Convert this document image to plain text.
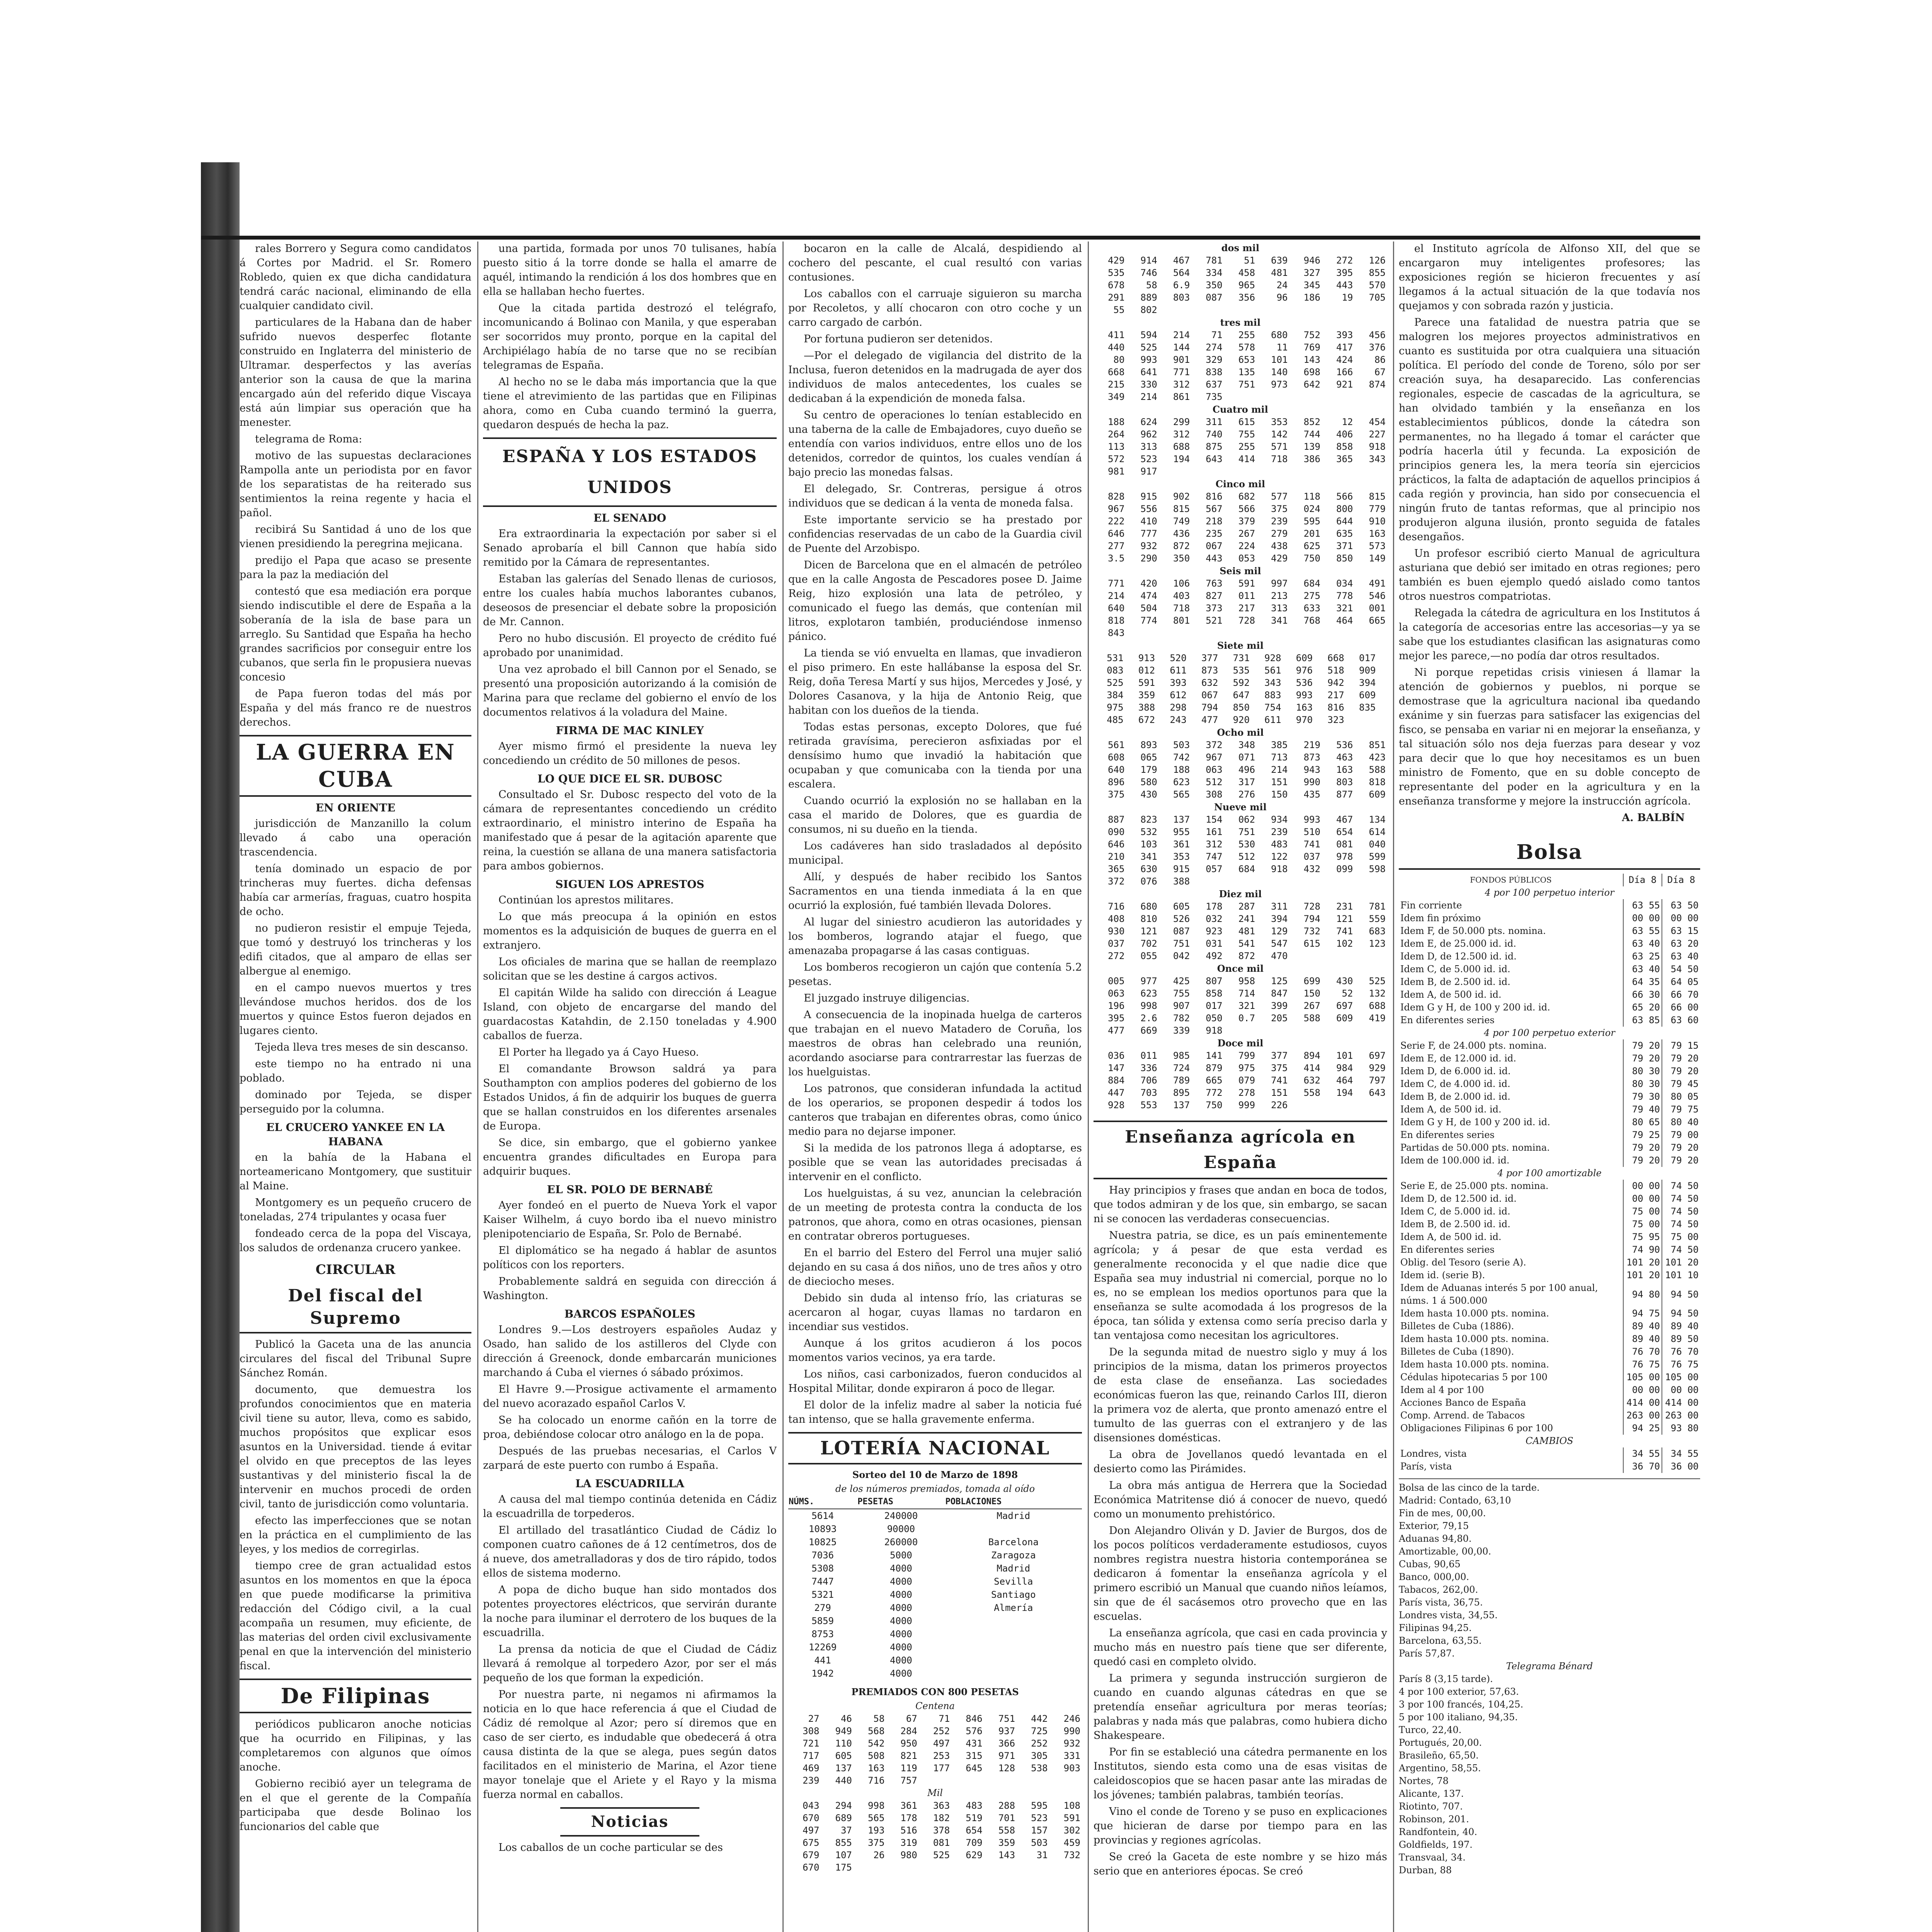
rales Borrero y Segura como candidatos á Cortes por Madrid. el Sr. Romero Robledo, quien ex que dicha candidatura tendrá carác nacional, eliminando de ella cualquier candidato civil.

particulares de la Habana dan de haber sufrido nuevos desperfec flotante construido en Inglaterra del ministerio de Ultramar. desperfectos y las averías anterior son la causa de que la marina encargado aún del referido dique Viscaya está aún limpiar sus operación que ha menester.

telegrama de Roma:

motivo de las supuestas declaraciones Rampolla ante un periodista por en favor de los separatistas de ha reiterado sus sentimientos la reina regente y hacia el pañol.

recibirá Su Santidad á uno de los que vienen presidiendo la peregrina mejicana.

predijo el Papa que acaso se presente para la paz la mediación del

contestó que esa mediación era porque siendo indiscutible el dere de España a la soberanía de la isla de base para un arreglo. Su Santidad que España ha hecho grandes sacrificios por conseguir entre los cubanos, que serla fin le propusiera nuevas concesio

de Papa fueron todas del más por España y del más franco re de nuestros derechos.

LA GUERRA EN CUBA
EN ORIENTE

jurisdicción de Manzanillo la colum llevado á cabo una operación trascendencia.

tenía dominado un espacio de por trincheras muy fuertes. dicha defensas había car armerías, fraguas, cuatro hospita de ocho.

no pudieron resistir el empuje Tejeda, que tomó y destruyó los trincheras y los edifi citados, que al amparo de ellas ser albergue al enemigo.

en el campo nuevos muertos y tres llevándose muchos heridos. dos de los muertos y quince Estos fueron dejados en lugares ciento.

Tejeda lleva tres meses de sin descanso.

este tiempo no ha entrado ni una poblado.

dominado por Tejeda, se disper perseguido por la columna.

EL CRUCERO YANKEE EN LA HABANA

en la bahía de la Habana el norteamericano Montgomery, que sustituir al Maine.

Montgomery es un pequeño crucero de toneladas, 274 tripulantes y ocasa fuer

fondeado cerca de la popa del Viscaya, los saludos de ordenanza crucero yankee.

CIRCULAR
Del fiscal del Supremo

Publicó la Gaceta una de las anuncia circulares del fiscal del Tribunal Supre Sánchez Román.

documento, que demuestra los profundos conocimientos que en materia civil tiene su autor, lleva, como es sabido, muchos propósitos que explicar esos asuntos en la Universidad. tiende á evitar el olvido en que preceptos de las leyes sustantivas y del ministerio fiscal la de intervenir en muchos procedi de orden civil, tanto de jurisdicción como voluntaria.

efecto las imperfecciones que se notan en la práctica en el cumplimiento de las leyes, y los medios de corregirlas.

tiempo cree de gran actualidad estos asuntos en los momentos en que la época en que puede modificarse la primitiva redacción del Código civil, a la cual acompaña un resumen, muy eficiente, de las materias del orden civil exclusivamente penal en que la intervención del ministerio fiscal.

De Filipinas

periódicos publicaron anoche noticias que ha ocurrido en Filipinas, y las completaremos con algunos que oímos anoche.

Gobierno recibió ayer un telegrama de en el que el gerente de la Compañía participaba que desde Bolinao los funcionarios del cable que

una partida, formada por unos 70 tulisanes, había puesto sitio á la torre donde se halla el amarre de aquél, intimando la rendición á los dos hombres que en ella se hallaban hecho fuertes.

Que la citada partida destrozó el telégrafo, incomunicando á Bolinao con Manila, y que esperaban ser socorridos muy pronto, porque en la capital del Archipiélago había de no tarse que no se recibían telegramas de España.

Al hecho no se le daba más importancia que la que tiene el atrevimiento de las partidas que en Filipinas ahora, como en Cuba cuando terminó la guerra, quedaron después de hecha la paz.

ESPAÑA Y LOS ESTADOS UNIDOS
EL SENADO

Era extraordinaria la expectación por saber si el Senado aprobaría el bill Cannon que había sido remitido por la Cámara de representantes.

Estaban las galerías del Senado llenas de curiosos, entre los cuales había muchos laborantes cubanos, deseosos de presenciar el debate sobre la proposición de Mr. Cannon.

Pero no hubo discusión. El proyecto de crédito fué aprobado por unanimidad.

Una vez aprobado el bill Cannon por el Senado, se presentó una proposición autorizando á la comisión de Marina para que reclame del gobierno el envío de los documentos relativos á la voladura del Maine.

FIRMA DE MAC KINLEY

Ayer mismo firmó el presidente la nueva ley concediendo un crédito de 50 millones de pesos.

LO QUE DICE EL SR. DUBOSC

Consultado el Sr. Dubosc respecto del voto de la cámara de representantes concediendo un crédito extraordinario, el ministro interino de España ha manifestado que á pesar de la agitación aparente que reina, la cuestión se allana de una manera satisfactoria para ambos gobiernos.

SIGUEN LOS APRESTOS

Continúan los aprestos militares.

Lo que más preocupa á la opinión en estos momentos es la adquisición de buques de guerra en el extranjero.

Los oficiales de marina que se hallan de reemplazo solicitan que se les destine á cargos activos.

El capitán Wilde ha salido con dirección á League Island, con objeto de encargarse del mando del guardacostas Katahdin, de 2.150 toneladas y 4.900 caballos de fuerza.

El Porter ha llegado ya á Cayo Hueso.

El comandante Browson saldrá ya para Southampton con amplios poderes del gobierno de los Estados Unidos, á fin de adquirir los buques de guerra que se hallan construidos en los diferentes arsenales de Europa.

Se dice, sin embargo, que el gobierno yankee encuentra grandes dificultades en Europa para adquirir buques.

EL SR. POLO DE BERNABÉ

Ayer fondeó en el puerto de Nueva York el vapor Kaiser Wilhelm, á cuyo bordo iba el nuevo ministro plenipotenciario de España, Sr. Polo de Bernabé.

El diplomático se ha negado á hablar de asuntos políticos con los reporters.

Probablemente saldrá en seguida con dirección á Washington.

BARCOS ESPAÑOLES

Londres 9.—Los destroyers españoles Audaz y Osado, han salido de los astilleros del Clyde con dirección á Greenock, donde embarcarán municiones marchando á Cuba el viernes ó sábado próximos.

El Havre 9.—Prosigue activamente el armamento del nuevo acorazado español Carlos V.

Se ha colocado un enorme cañón en la torre de proa, debiéndose colocar otro análogo en la de popa.

Después de las pruebas necesarias, el Carlos V zarpará de este puerto con rumbo á España.

LA ESCUADRILLA

A causa del mal tiempo continúa detenida en Cádiz la escuadrilla de torpederos.

El artillado del trasatlántico Ciudad de Cádiz lo componen cuatro cañones de á 12 centímetros, dos de á nueve, dos ametralladoras y dos de tiro rápido, todos ellos de sistema moderno.

A popa de dicho buque han sido montados dos potentes proyectores eléctricos, que servirán durante la noche para iluminar el derrotero de los buques de la escuadrilla.

La prensa da noticia de que el Ciudad de Cádiz llevará á remolque al torpedero Azor, por ser el más pequeño de los que forman la expedición.

Por nuestra parte, ni negamos ni afirmamos la noticia en lo que hace referencia á que el Ciudad de Cádiz dé remolque al Azor; pero sí diremos que en caso de ser cierto, es indudable que obedecerá á otra causa distinta de la que se alega, pues según datos facilitados en el ministerio de Marina, el Azor tiene mayor tonelaje que el Ariete y el Rayo y la misma fuerza normal en caballos.

Noticias

Los caballos de un coche particular se des

bocaron en la calle de Alcalá, despidiendo al cochero del pescante, el cual resultó con varias contusiones.

Los caballos con el carruaje siguieron su marcha por Recoletos, y allí chocaron con otro coche y un carro cargado de carbón.

Por fortuna pudieron ser detenidos.

—Por el delegado de vigilancia del distrito de la Inclusa, fueron detenidos en la madrugada de ayer dos individuos de malos antecedentes, los cuales se dedicaban á la expendición de moneda falsa.

Su centro de operaciones lo tenían establecido en una taberna de la calle de Embajadores, cuyo dueño se entendía con varios individuos, entre ellos uno de los detenidos, corredor de quintos, los cuales vendían á bajo precio las monedas falsas.

El delegado, Sr. Contreras, persigue á otros individuos que se dedican á la venta de moneda falsa.

Este importante servicio se ha prestado por confidencias reservadas de un cabo de la Guardia civil de Puente del Arzobispo.

Dicen de Barcelona que en el almacén de petróleo que en la calle Angosta de Pescadores posee D. Jaime Reig, hizo explosión una lata de petróleo, y comunicado el fuego las demás, que contenían mil litros, explotaron también, produciéndose inmenso pánico.

La tienda se vió envuelta en llamas, que invadieron el piso primero. En este hallábanse la esposa del Sr. Reig, doña Teresa Martí y sus hijos, Mercedes y José, y Dolores Casanova, y la hija de Antonio Reig, que habitan con los dueños de la tienda.

Todas estas personas, excepto Dolores, que fué retirada gravísima, perecieron asfixiadas por el densísimo humo que invadió la habitación que ocupaban y que comunicaba con la tienda por una escalera.

Cuando ocurrió la explosión no se hallaban en la casa el marido de Dolores, que es guardia de consumos, ni su dueño en la tienda.

Los cadáveres han sido trasladados al depósito municipal.

Allí, y después de haber recibido los Santos Sacramentos en una tienda inmediata á la en que ocurrió la explosión, fué también llevada Dolores.

Al lugar del siniestro acudieron las autoridades y los bomberos, logrando atajar el fuego, que amenazaba propagarse á las casas contiguas.

Los bomberos recogieron un cajón que contenía 5.2 pesetas.

El juzgado instruye diligencias.

A consecuencia de la inopinada huelga de carteros que trabajan en el nuevo Matadero de Coruña, los maestros de obras han celebrado una reunión, acordando asociarse para contrarrestar las fuerzas de los huelguistas.

Los patronos, que consideran infundada la actitud de los operarios, se proponen despedir á todos los canteros que trabajan en diferentes obras, como único medio para no dejarse imponer.

Si la medida de los patronos llega á adoptarse, es posible que se vean las autoridades precisadas á intervenir en el conflicto.

Los huelguistas, á su vez, anuncian la celebración de un meeting de protesta contra la conducta de los patronos, que ahora, como en otras ocasiones, piensan en contratar obreros portugueses.

En el barrio del Estero del Ferrol una mujer salió dejando en su casa á dos niños, uno de tres años y otro de dieciocho meses.

Debido sin duda al intenso frío, las criaturas se acercaron al hogar, cuyas llamas no tardaron en incendiar sus vestidos.

Aunque á los gritos acudieron á los pocos momentos varios vecinos, ya era tarde.

Los niños, casi carbonizados, fueron conducidos al Hospital Militar, donde expiraron á poco de llegar.

El dolor de la infeliz madre al saber la noticia fué tan intenso, que se halla gravemente enferma.

LOTERÍA NACIONAL
Sorteo del 10 de Marzo de 1898
de los números premiados, tomada al oído
NÚMS.	PESETAS	POBLACIONES
5614	240000	Madrid
10893	90000	
10825	260000	Barcelona
7036	5000	Zaragoza
5308	4000	Madrid
7447	4000	Sevilla
5321	4000	Santiago
279	4000	Almería
5859	4000	
8753	4000	
12269	4000	
441	4000	
1942	4000	
PREMIADOS CON 800 PESETAS
Centena
27	46	58	67	71	846	751	442	246
308	949	568	284	252	576	937	725	990
721	110	542	950	497	431	366	252	932
717	605	508	821	253	315	971	305	331
469	137	163	119	177	645	128	538	903
239	440	716	757					
Mil
043	294	998	361	363	483	288	595	108
670	689	565	178	182	519	701	523	591
497	37	193	516	378	654	558	157	302
675	855	375	319	081	709	359	503	459
679	107	26	980	525	629	143	31	732
670	175							
dos mil
429	914	467	781	51	639	946	272	126
535	746	564	334	458	481	327	395	855
678	58	6.9	350	965	24	345	443	570
291	889	803	087	356	96	186	19	705
55	802							
tres mil
411	594	214	71	255	680	752	393	456
440	525	144	274	578	11	769	417	376
80	993	901	329	653	101	143	424	86
668	641	771	838	135	140	698	166	67
215	330	312	637	751	973	642	921	874
349	214	861	735					
Cuatro mil
188	624	299	311	615	353	852	12	454
264	962	312	740	755	142	744	406	227
113	313	688	875	255	571	139	858	918
572	523	194	643	414	718	386	365	343
981	917							
Cinco mil
828	915	902	816	682	577	118	566	815
967	556	815	567	566	375	024	800	779
222	410	749	218	379	239	595	644	910
646	777	436	235	267	279	201	635	163
277	932	872	067	224	438	625	371	573
3.5	290	350	443	053	429	750	850	149
Seis mil
771	420	106	763	591	997	684	034	491
214	474	403	827	011	213	275	778	546
640	504	718	373	217	313	633	321	001
818	774	801	521	728	341	768	464	665
843								
Siete mil
531	913	520	377	731	928	609	668	017		
083	012	611	873	535	561	976	518	909		
525	591	393	632	592	343	536	942	394		
384	359	612	067	647	883	993	217	609		
975	388	298	794	850	754	163	816	835		
485	672	243	477	920	611	970	323			
Ocho mil
561	893	503	372	348	385	219	536	851
608	065	742	967	071	713	873	463	423
640	179	188	063	496	214	943	163	588
896	580	623	512	317	151	990	803	818
375	430	565	308	276	150	435	877	609
Nueve mil
887	823	137	154	062	934	993	467	134
090	532	955	161	751	239	510	654	614
646	103	361	312	530	483	741	081	040
210	341	353	747	512	122	037	978	599
365	630	915	057	684	918	432	099	598
372	076	388						
Diez mil
716	680	605	178	287	311	728	231	781
408	810	526	032	241	394	794	121	559
930	121	087	923	481	129	732	741	683
037	702	751	031	541	547	615	102	123
272	055	042	492	872	470			
Once mil
005	977	425	807	958	125	699	430	525
063	623	755	858	714	847	150	52	132
196	998	907	017	321	399	267	697	688
395	2.6	782	050	0.7	205	588	609	419
477	669	339	918					
Doce mil
036	011	985	141	799	377	894	101	697
147	336	724	879	975	375	414	984	929
884	706	789	665	079	741	632	464	797
447	703	895	772	278	151	558	194	643
928	553	137	750	999	226			
Enseñanza agrícola en España

Hay principios y frases que andan en boca de todos, que todos admiran y de los que, sin embargo, se sacan ni se conocen las verdaderas consecuencias.

Nuestra patria, se dice, es un país eminentemente agrícola; y á pesar de que esta verdad es generalmente reconocida y el que nadie dice que España sea muy industrial ni comercial, porque no lo es, no se emplean los medios oportunos para que la enseñanza se sulte acomodada á los progresos de la época, tan sólida y extensa como sería preciso darla y tan ventajosa como necesitan los agricultores.

De la segunda mitad de nuestro siglo y muy á los principios de la misma, datan los primeros proyectos de esta clase de enseñanza. Las sociedades económicas fueron las que, reinando Carlos III, dieron la primera voz de alerta, que pronto amenazó entre el tumulto de las guerras con el extranjero y de las disensiones domésticas.

La obra de Jovellanos quedó levantada en el desierto como las Pirámides.

La obra más antigua de Herrera que la Sociedad Económica Matritense dió á conocer de nuevo, quedó como un monumento prehistórico.

Don Alejandro Oliván y D. Javier de Burgos, dos de los pocos políticos verdaderamente estudiosos, cuyos nombres registra nuestra historia contemporánea se dedicaron á fomentar la enseñanza agrícola y el primero escribió un Manual que cuando niños leíamos, sin que de él sacásemos otro provecho que en las escuelas.

La enseñanza agrícola, que casi en cada provincia y mucho más en nuestro país tiene que ser diferente, quedó casi en completo olvido.

La primera y segunda instrucción surgieron de cuando en cuando algunas cátedras en que se pretendía enseñar agricultura por meras teorías; palabras y nada más que palabras, como hubiera dicho Shakespeare.

Por fin se estableció una cátedra permanente en los Institutos, siendo esta como una de esas visitas de caleidoscopios que se hacen pasar ante las miradas de los jóvenes; también palabras, también teorías.

Vino el conde de Toreno y se puso en explicaciones que hicieran de darse por tiempo para en las provincias y regiones agrícolas.

Se creó la Gaceta de este nombre y se hizo más serio que en anteriores épocas. Se creó

el Instituto agrícola de Alfonso XII, del que se encargaron muy inteligentes profesores; las exposiciones región se hicieron frecuentes y así llegamos á la actual situación de la que todavía nos quejamos y con sobrada razón y justicia.

Parece una fatalidad de nuestra patria que se malogren los mejores proyectos administrativos en cuanto es sustituida por otra cualquiera una situación política. El período del conde de Toreno, sólo por ser creación suya, ha desaparecido. Las conferencias regionales, especie de cascadas de la agricultura, se han olvidado también y la enseñanza en los establecimientos públicos, donde la cátedra son permanentes, no ha llegado á tomar el carácter que podría hacerla útil y fecunda. La exposición de principios genera les, la mera teoría sin ejercicios prácticos, la falta de adaptación de aquellos principios á cada región y provincia, han sido por consecuencia el ningún fruto de tantas reformas, que al principio nos produjeron alguna ilusión, pronto seguida de fatales desengaños.

Un profesor escribió cierto Manual de agricultura asturiana que debió ser imitado en otras regiones; pero también es buen ejemplo quedó aislado como tantos otros nuestros compatriotas.

Relegada la cátedra de agricultura en los Institutos á la categoría de accesorias entre las accesorias—y ya se sabe que los estudiantes clasifican las asignaturas como mejor les parece,—no podía dar otros resultados.

Ni porque repetidas crisis viniesen á llamar la atención de gobiernos y pueblos, ni porque se demostrase que la agricultura nacional iba quedando exánime y sin fuerzas para satisfacer las exigencias del fisco, se pensaba en variar ni en mejorar la enseñanza, y tal situación sólo nos deja fuerzas para desear y voz para decir que lo que hoy necesitamos es un buen ministro de Fomento, que en su doble concepto de representante del poder en la agricultura y en la enseñanza transforme y mejore la instrucción agrícola.

A. BALBÍN
Bolsa
FONDOS PÚBLICOS	Día 8	Día 8
4 por 100 perpetuo interior		
Fin corriente	63 55	63 50
Idem fin próximo	00 00	00 00
Idem F, de 50.000 pts. nomina.	63 55	63 15
Idem E, de 25.000 id. id.	63 40	63 20
Idem D, de 12.500 id. id.	63 25	63 40
Idem C, de 5.000 id. id.	63 40	54 50
Idem B, de 2.500 id. id.	64 35	64 05
Idem A, de 500 id. id.	66 30	66 70
Idem G y H, de 100 y 200 id. id.	65 20	66 00
En diferentes series	63 85	63 60
4 por 100 perpetuo exterior		
Serie F, de 24.000 pts. nomina.	79 20	79 15
Idem E, de 12.000 id. id.	79 20	79 20
Idem D, de 6.000 id. id.	80 30	79 20
Idem C, de 4.000 id. id.	80 30	79 45
Idem B, de 2.000 id. id.	79 30	80 05
Idem A, de 500 id. id.	79 40	79 75
Idem G y H, de 100 y 200 id. id.	80 65	80 40
En diferentes series	79 25	79 00
Partidas de 50.000 pts. nomina.	79 20	79 20
Idem de 100.000 id. id.	79 20	79 20
4 por 100 amortizable		
Serie E, de 25.000 pts. nomina.	00 00	74 50
Idem D, de 12.500 id. id.	00 00	74 50
Idem C, de 5.000 id. id.	75 00	74 50
Idem B, de 2.500 id. id.	75 00	74 50
Idem A, de 500 id. id.	75 95	75 00
En diferentes series	74 90	74 50
Oblig. del Tesoro (serie A).	101 20	101 20
Idem id. (serie B).	101 20	101 10
Idem de Aduanas interés 5 por 100 anual, núms. 1 á 500.000	94 80	94 50
Idem hasta 10.000 pts. nomina.	94 75	94 50
Billetes de Cuba (1886).	89 40	89 40
Idem hasta 10.000 pts. nomina.	89 40	89 50
Billetes de Cuba (1890).	76 70	76 70
Idem hasta 10.000 pts. nomina.	76 75	76 75
Cédulas hipotecarias 5 por 100	105 00	105 00
Idem al 4 por 100	00 00	00 00
Acciones Banco de España	414 00	414 00
Comp. Arrend. de Tabacos	263 00	263 00
Obligaciones Filipinas 6 por 100	94 25	93 80
CAMBIOS		
Londres, vista	34 55	34 55
París, vista	36 70	36 00
Bolsa de las cinco de la tarde.
Madrid: Contado, 63,10
Fin de mes, 00,00.
Exterior, 79,15
Aduanas 94,80.
Amortizable, 00,00.
Cubas, 90,65
Banco, 000,00.
Tabacos, 262,00.
París vista, 36,75.
Londres vista, 34,55.
Filipinas 94,25.
Barcelona, 63,55.
París 57,87.
Telegrama Bénard
París 8 (3,15 tarde).
4 por 100 exterior, 57,63.
3 por 100 francés, 104,25.
5 por 100 italiano, 94,35.
Turco, 22,40.
Portugués, 20,00.
Brasileño, 65,50.
Argentino, 58,55.
Nortes, 78
Alicante, 137.
Riotinto, 707.
Robinson, 201.
Randfontein, 40.
Goldfields, 197.
Transvaal, 34.
Durban, 88
